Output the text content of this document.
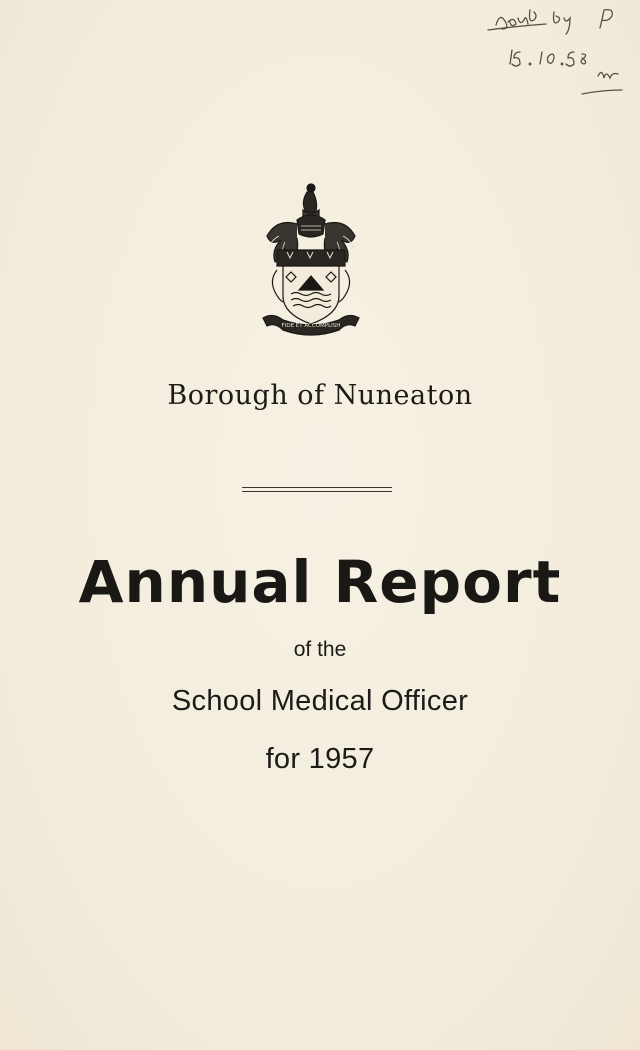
FIDE ET ACCOMPLISH
Borough of Nuneaton
Annual Report
of the
School Medical Officer
for 1957
